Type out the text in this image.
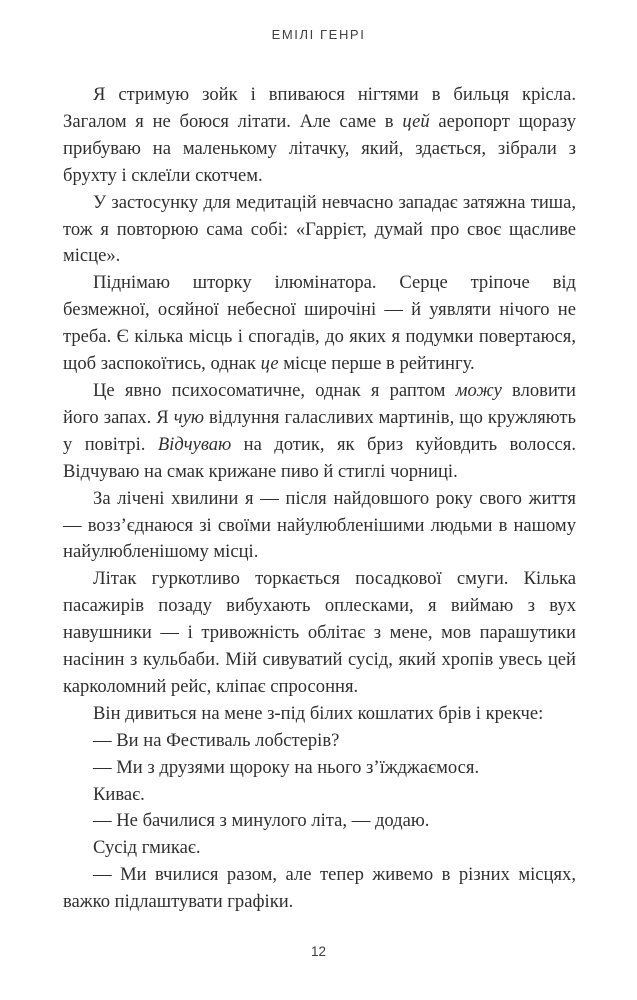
ЕМІЛІ ГЕНРІ

Я стримую зойк і впиваюся нігтями в бильця крісла. Загалом я не боюся літати. Але саме в цей аеропорт щоразу прибуваю на маленькому літачку, який, здається, зібрали з брухту і склеїли скотчем.

У застосунку для медитацій невчасно западає затяжна тиша, тож я повторюю сама собі: «Гаррієт, думай про своє щасливе місце».

Піднімаю шторку ілюмінатора. Серце тріпоче від безмежної, осяйної небесної широчіні — й уявляти нічого не треба. Є кілька місць і спогадів, до яких я подумки повертаюся, щоб заспокоїтись, однак це місце перше в рейтингу.

Це явно психосоматичне, однак я раптом можу вловити його запах. Я чую відлуння галасливих мартинів, що кружляють у повітрі. Відчуваю на дотик, як бриз куйовдить волосся. Відчуваю на смак крижане пиво й стиглі чорниці.

За лічені хвилини я — після найдовшого року свого життя — возз’єднаюся зі своїми найулюбленішими людьми в нашому найулюбленішому місці.

Літак гуркотливо торкається посадкової смуги. Кілька пасажирів позаду вибухають оплесками, я виймаю з вух навушники — і тривожність облітає з мене, мов парашутики насінин з кульбаби. Мій сивуватий сусід, який хропів увесь цей карколомний рейс, кліпає спросоння.

Він дивиться на мене з-під білих кошлатих брів і крекче:

— Ви на Фестиваль лобстерів?

— Ми з друзями щороку на нього з’їжджаємося.

Киває.

— Не бачилися з минулого літа, — додаю.

Сусід гмикає.

— Ми вчилися разом, але тепер живемо в різних місцях, важко підлаштувати графіки.

12
